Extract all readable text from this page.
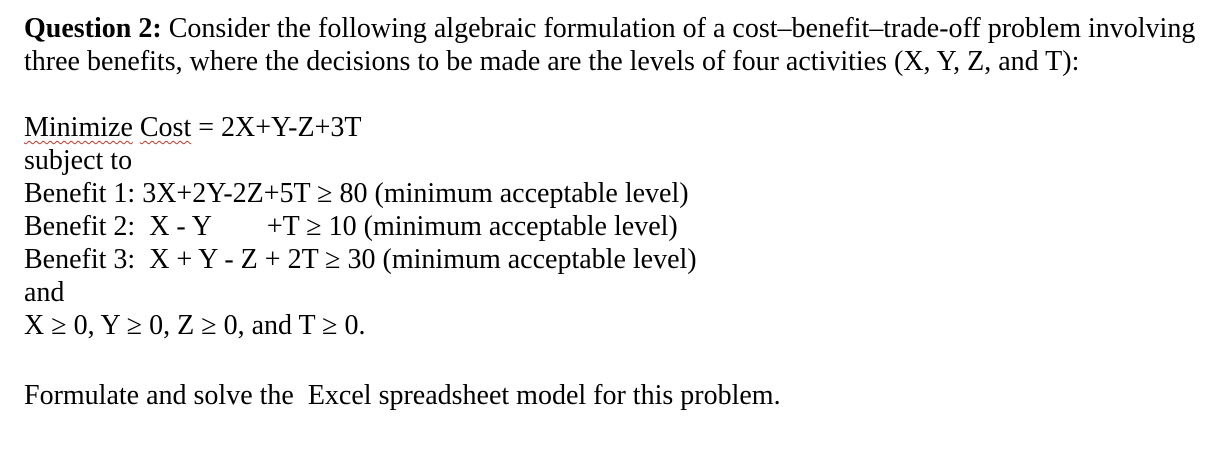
Question 2: Consider the following algebraic formulation of a cost–benefit–trade-off problem involving three benefits, where the decisions to be made are the levels of four activities (X, Y, Z, and T):

Minimize Cost = 2X+Y-Z+3T
subject to
Benefit 1: 3X+2Y-2Z+5T ≥ 80 (minimum acceptable level)
Benefit 2:  X - Y        +T ≥ 10 (minimum acceptable level)
Benefit 3:  X + Y - Z + 2T ≥ 30 (minimum acceptable level)
and
X ≥ 0, Y ≥ 0, Z ≥ 0, and T ≥ 0.
Formulate and solve the  Excel spreadsheet model for this problem.
